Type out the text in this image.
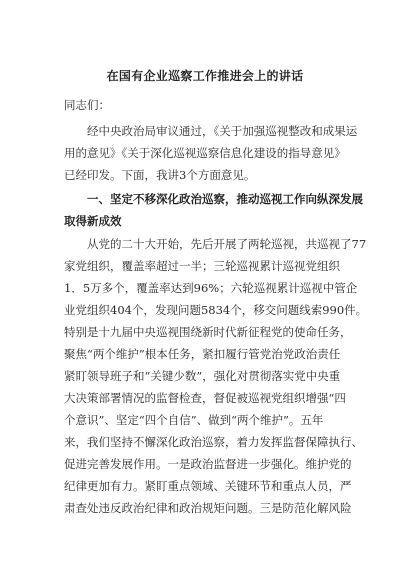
在国有企业巡察工作推进会上的讲话
同志们：
经中央政治局审议通过，《关于加强巡视整改和成果运
用的意见》《关于深化巡视巡察信息化建设的指导意见》
已经印发。下面，我讲3个方面意见。
一、坚定不移深化政治巡察，推动巡视工作向纵深发展
取得新成效
从党的二十大开始，先后开展了两轮巡视，共巡视了77
家党组织，覆盖率超过一半；三轮巡视累计巡视党组织
1．5万多个，覆盖率达到96%；六轮巡视累计巡视中管企
业党组织404个，发现问题5834个，移交问题线索990件。
特别是十九届中央巡视围绕新时代新征程党的使命任务，
聚焦“两个维护”根本任务，紧扣履行管党治党政治责任
紧盯领导班子和“关键少数”，强化对贯彻落实党中央重
大决策部署情况的监督检查，督促被巡视党组织增强“四
个意识”、坚定“四个自信”、做到“两个维护”。五年
来，我们坚持不懈深化政治巡察，着力发挥监督保障执行、
促进完善发展作用。一是政治监督进一步强化。维护党的
纪律更加有力。紧盯重点领域、关键环节和重点人员，严
肃查处违反政治纪律和政治规矩问题。三是防范化解风险
